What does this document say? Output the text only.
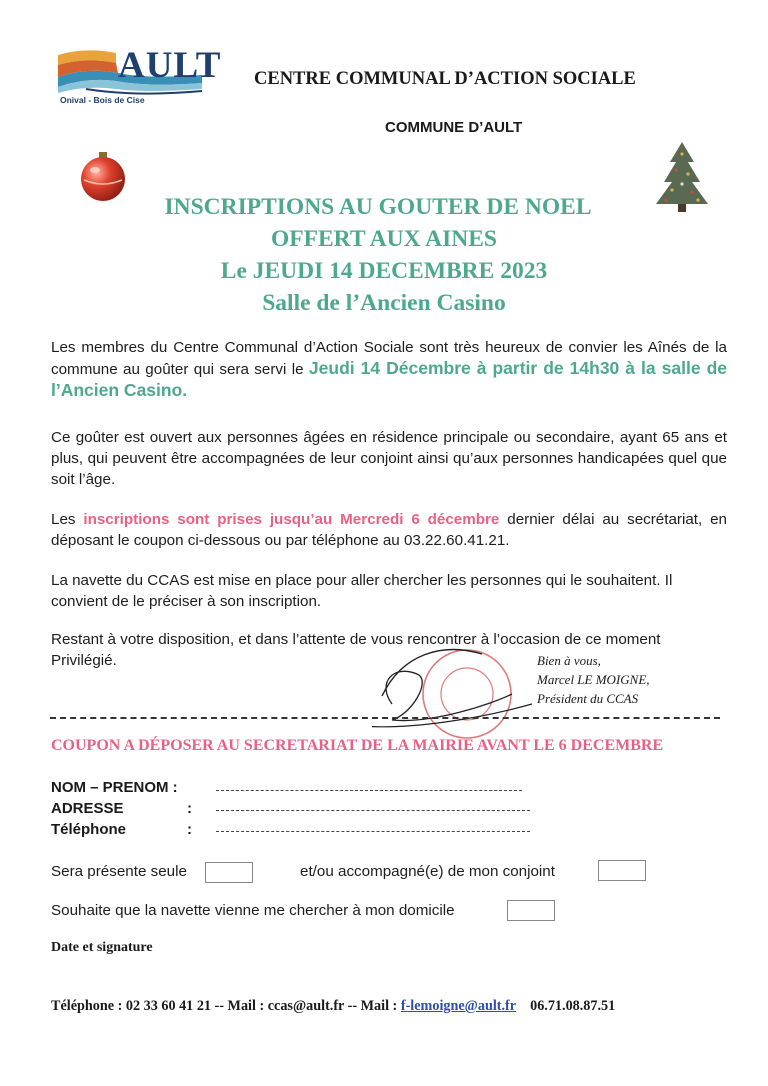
AULT
Onival - Bois de Cise
CENTRE COMMUNAL D’ACTION SOCIALE
COMMUNE D’AULT
INSCRIPTIONS AU GOUTER DE NOEL
OFFERT AUX AINES
Le JEUDI 14 DECEMBRE 2023
Salle de l’Ancien Casino
Les membres du Centre Communal d’Action Sociale sont très heureux de convier les Aînés de la commune au goûter qui sera servi le Jeudi 14 Décembre à partir de 14h30 à la salle de l’Ancien Casino.
Ce goûter est ouvert aux personnes âgées en résidence principale ou secondaire, ayant 65 ans et plus, qui peuvent être accompagnées de leur conjoint ainsi qu’aux personnes handicapées quel que soit l’âge.
Les inscriptions sont prises jusqu’au Mercredi 6 décembre dernier délai au secrétariat, en déposant le coupon ci-dessous ou par téléphone au 03.22.60.41.21.
La navette du CCAS est mise en place pour aller chercher les personnes qui le souhaitent. Il convient de le préciser à son inscription.
Restant à votre disposition, et dans l’attente de vous rencontrer à l’occasion de ce moment Privilégié.	Bien à vous,
Marcel LE MOIGNE,
Président du CCAS
COUPON A DÉPOSER AU SECRETARIAT DE LA MAIRIE AVANT LE 6 DECEMBRE
NOM – PRENOM :
ADRESSE	:
Téléphone	:
Sera présente seule	et/ou accompagné(e) de mon conjoint
Souhaite que la navette vienne me chercher à mon domicile
Date et signature
Téléphone : 02 33 60 41 21 -- Mail : ccas@ault.fr -- Mail : f-lemoigne@ault.fr 06.71.08.87.51
